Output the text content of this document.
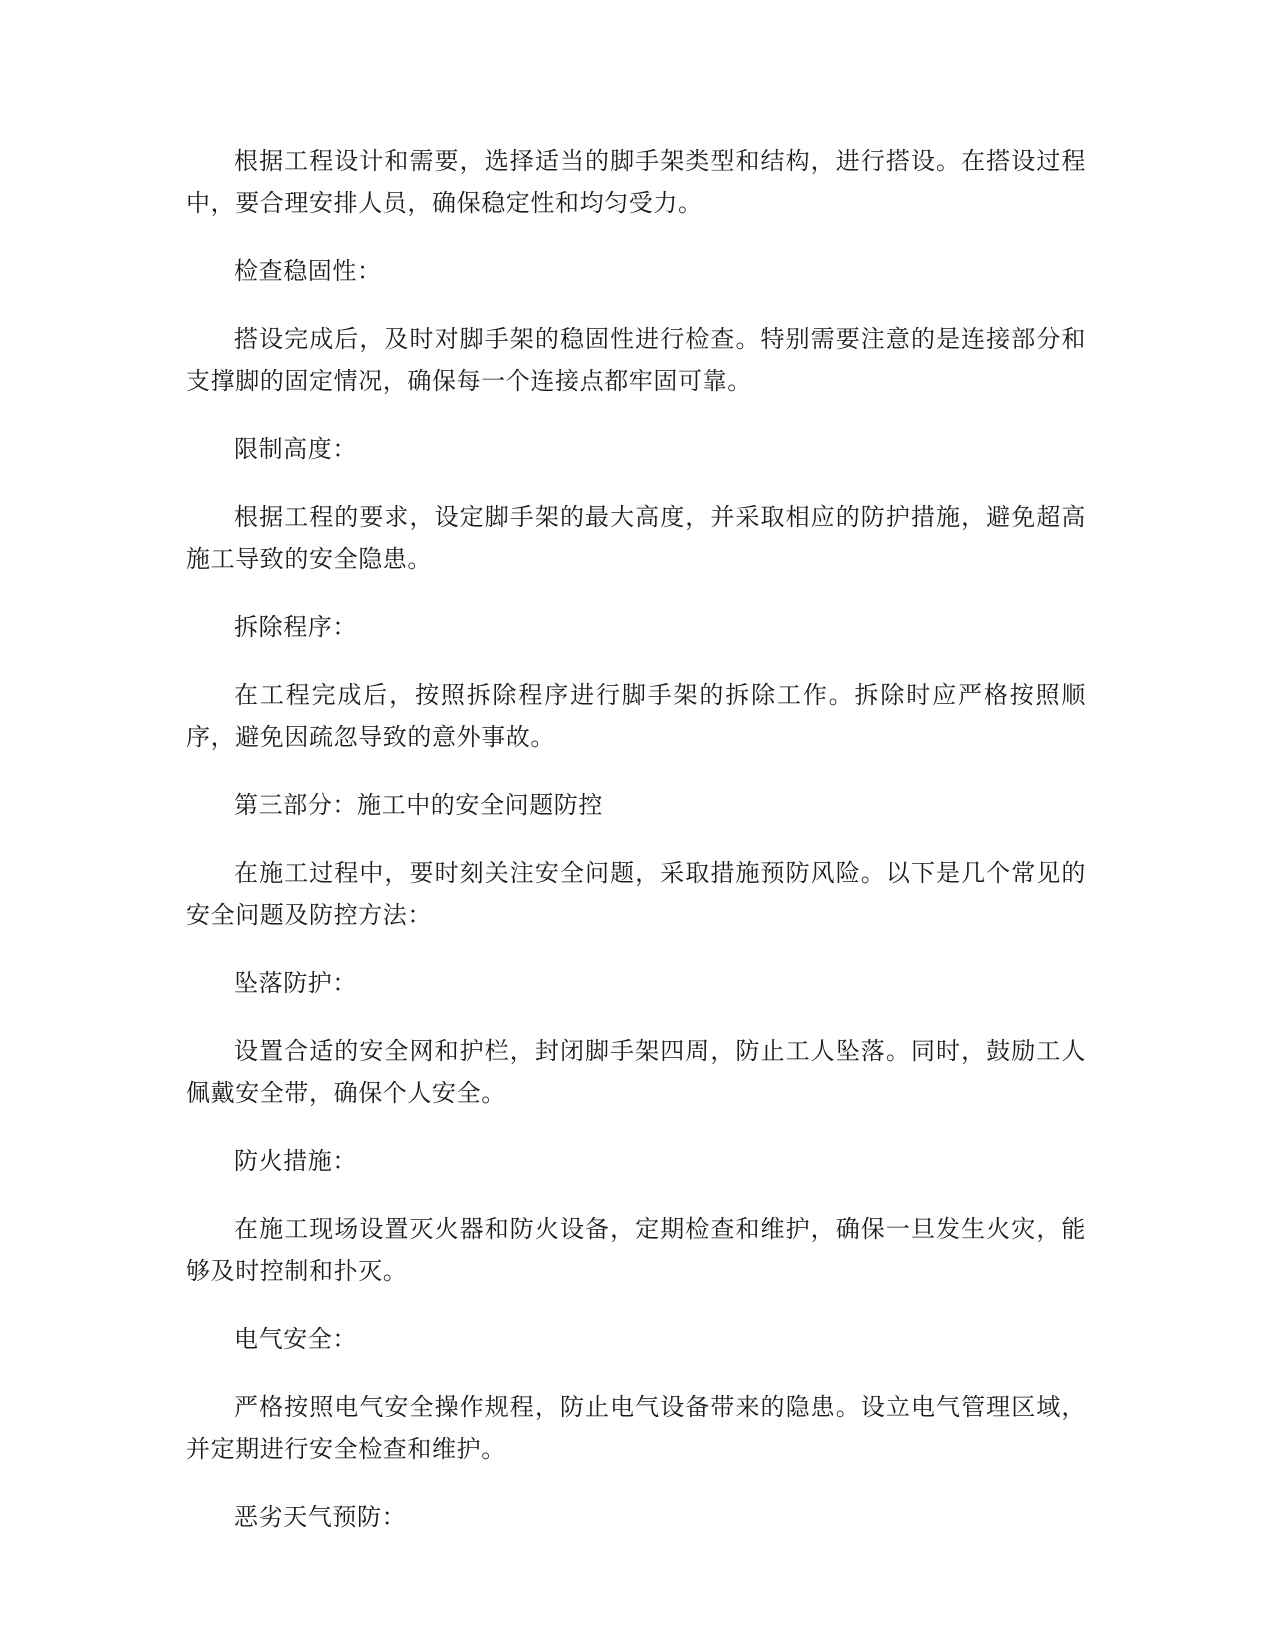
根据工程设计和需要，选择适当的脚手架类型和结构，进行搭设。在搭设过程中，要合理安排人员，确保稳定性和均匀受力。

检查稳固性：

搭设完成后，及时对脚手架的稳固性进行检查。特别需要注意的是连接部分和支撑脚的固定情况，确保每一个连接点都牢固可靠。

限制高度：

根据工程的要求，设定脚手架的最大高度，并采取相应的防护措施，避免超高施工导致的安全隐患。

拆除程序：

在工程完成后，按照拆除程序进行脚手架的拆除工作。拆除时应严格按照顺序，避免因疏忽导致的意外事故。

第三部分：施工中的安全问题防控

在施工过程中，要时刻关注安全问题，采取措施预防风险。以下是几个常见的安全问题及防控方法：

坠落防护：

设置合适的安全网和护栏，封闭脚手架四周，防止工人坠落。同时，鼓励工人佩戴安全带，确保个人安全。

防火措施：

在施工现场设置灭火器和防火设备，定期检查和维护，确保一旦发生火灾，能够及时控制和扑灭。

电气安全：

严格按照电气安全操作规程，防止电气设备带来的隐患。设立电气管理区域，并定期进行安全检查和维护。

恶劣天气预防：
